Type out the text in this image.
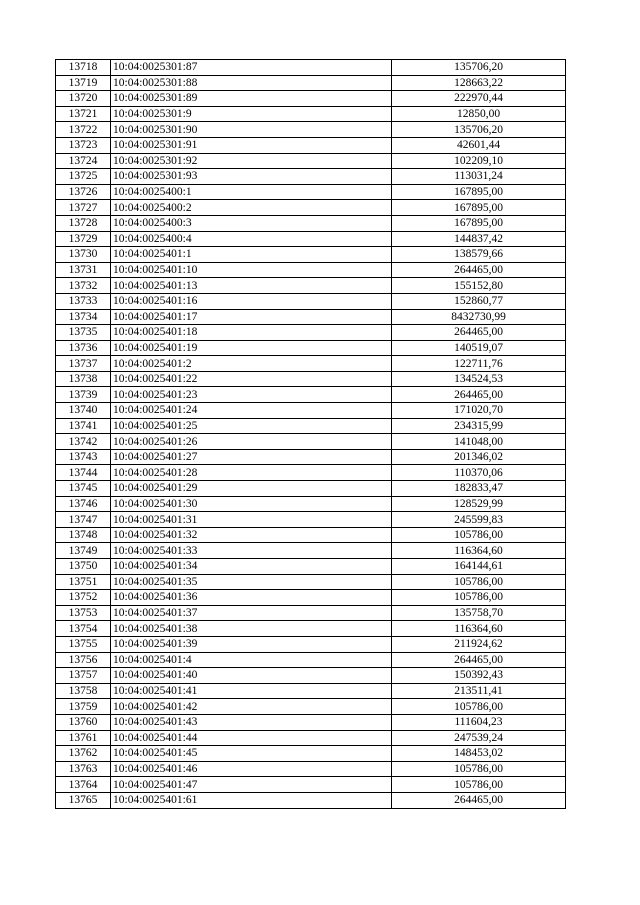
13718	10:04:0025301:87	135706,20
13719	10:04:0025301:88	128663,22
13720	10:04:0025301:89	222970,44
13721	10:04:0025301:9	12850,00
13722	10:04:0025301:90	135706,20
13723	10:04:0025301:91	42601,44
13724	10:04:0025301:92	102209,10
13725	10:04:0025301:93	113031,24
13726	10:04:0025400:1	167895,00
13727	10:04:0025400:2	167895,00
13728	10:04:0025400:3	167895,00
13729	10:04:0025400:4	144837,42
13730	10:04:0025401:1	138579,66
13731	10:04:0025401:10	264465,00
13732	10:04:0025401:13	155152,80
13733	10:04:0025401:16	152860,77
13734	10:04:0025401:17	8432730,99
13735	10:04:0025401:18	264465,00
13736	10:04:0025401:19	140519,07
13737	10:04:0025401:2	122711,76
13738	10:04:0025401:22	134524,53
13739	10:04:0025401:23	264465,00
13740	10:04:0025401:24	171020,70
13741	10:04:0025401:25	234315,99
13742	10:04:0025401:26	141048,00
13743	10:04:0025401:27	201346,02
13744	10:04:0025401:28	110370,06
13745	10:04:0025401:29	182833,47
13746	10:04:0025401:30	128529,99
13747	10:04:0025401:31	245599,83
13748	10:04:0025401:32	105786,00
13749	10:04:0025401:33	116364,60
13750	10:04:0025401:34	164144,61
13751	10:04:0025401:35	105786,00
13752	10:04:0025401:36	105786,00
13753	10:04:0025401:37	135758,70
13754	10:04:0025401:38	116364,60
13755	10:04:0025401:39	211924,62
13756	10:04:0025401:4	264465,00
13757	10:04:0025401:40	150392,43
13758	10:04:0025401:41	213511,41
13759	10:04:0025401:42	105786,00
13760	10:04:0025401:43	111604,23
13761	10:04:0025401:44	247539,24
13762	10:04:0025401:45	148453,02
13763	10:04:0025401:46	105786,00
13764	10:04:0025401:47	105786,00
13765	10:04:0025401:61	264465,00
